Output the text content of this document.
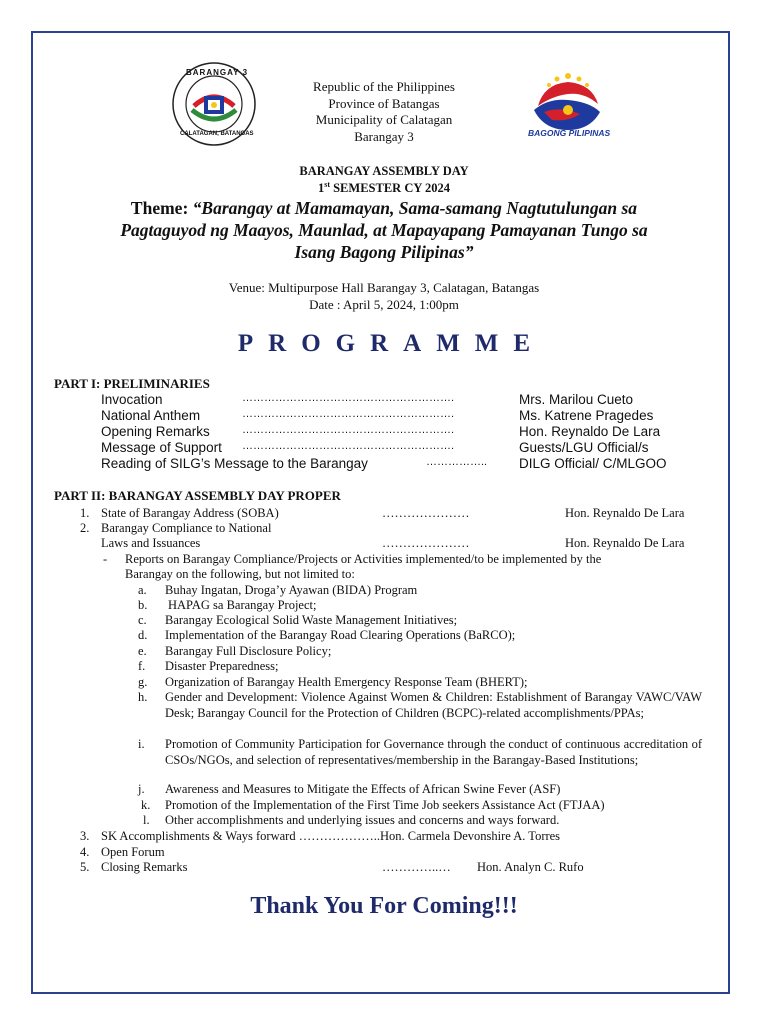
BARANGAY 3
CALATAGAN, BATANGAS	BAGONG PILIPINAS
Republic of the Philippines
Province of Batangas
Municipality of Calatagan
Barangay 3
BARANGAY ASSEMBLY DAY
1st SEMESTER CY 2024
Theme: “Barangay at Mamamayan, Sama-samang Nagtutulungan sa
Pagtaguyod ng Maayos, Maunlad, at Mapayapang Pamayanan Tungo sa
Isang Bagong Pilipinas”
Venue: Multipurpose Hall Barangay 3, Calatagan, Batangas
Date : April 5, 2024, 1:00pm
PROGRAMME
PART I: PRELIMINARIES
Invocation	………………………………………………….	Mrs. Marilou Cueto
National Anthem	………………………………………………….	Ms. Katrene Pragedes
Opening Remarks	………………………………………………….	Hon. Reynaldo De Lara
Message of Support ………………………………………………….	Guests/LGU Official/s
Reading of SILG’s Message to the Barangay	…………….. DILG Official/ C/MLGOO
PART II: BARANGAY ASSEMBLY DAY PROPER
1. State of Barangay Address (SOBA)	…………………	Hon. Reynaldo De Lara
2. Barangay Compliance to National
Laws and Issuances	…………………	Hon. Reynaldo De Lara
- Reports on Barangay Compliance/Projects or Activities implemented/to be implemented by the
Barangay on the following, but not limited to:
a. Buhay Ingatan, Droga’y Ayawan (BIDA) Program
b. HAPAG sa Barangay Project;
c. Barangay Ecological Solid Waste Management Initiatives;
d. Implementation of the Barangay Road Clearing Operations (BaRCO);
e. Barangay Full Disclosure Policy;
f. Disaster Preparedness;
g. Organization of Barangay Health Emergency Response Team (BHERT);
h. Gender and Development: Violence Against Women & Children: Establishment of Barangay VAWC/VAW Desk; Barangay Council for the Protection of Children (BCPC)-related accomplishments/PPAs;
i. Promotion of Community Participation for Governance through the conduct of continuous accreditation of CSOs/NGOs, and selection of representatives/membership in the Barangay-Based Institutions;
j. Awareness and Measures to Mitigate the Effects of African Swine Fever (ASF)
k. Promotion of the Implementation of the First Time Job seekers Assistance Act (FTJAA)
l. Other accomplishments and underlying issues and concerns and ways forward.
3. SK Accomplishments & Ways forward ………………..Hon. Carmela Devonshire A. Torres
4. Open Forum
5. Closing Remarks	…………..… Hon. Analyn C. Rufo
Thank You For Coming!!!
